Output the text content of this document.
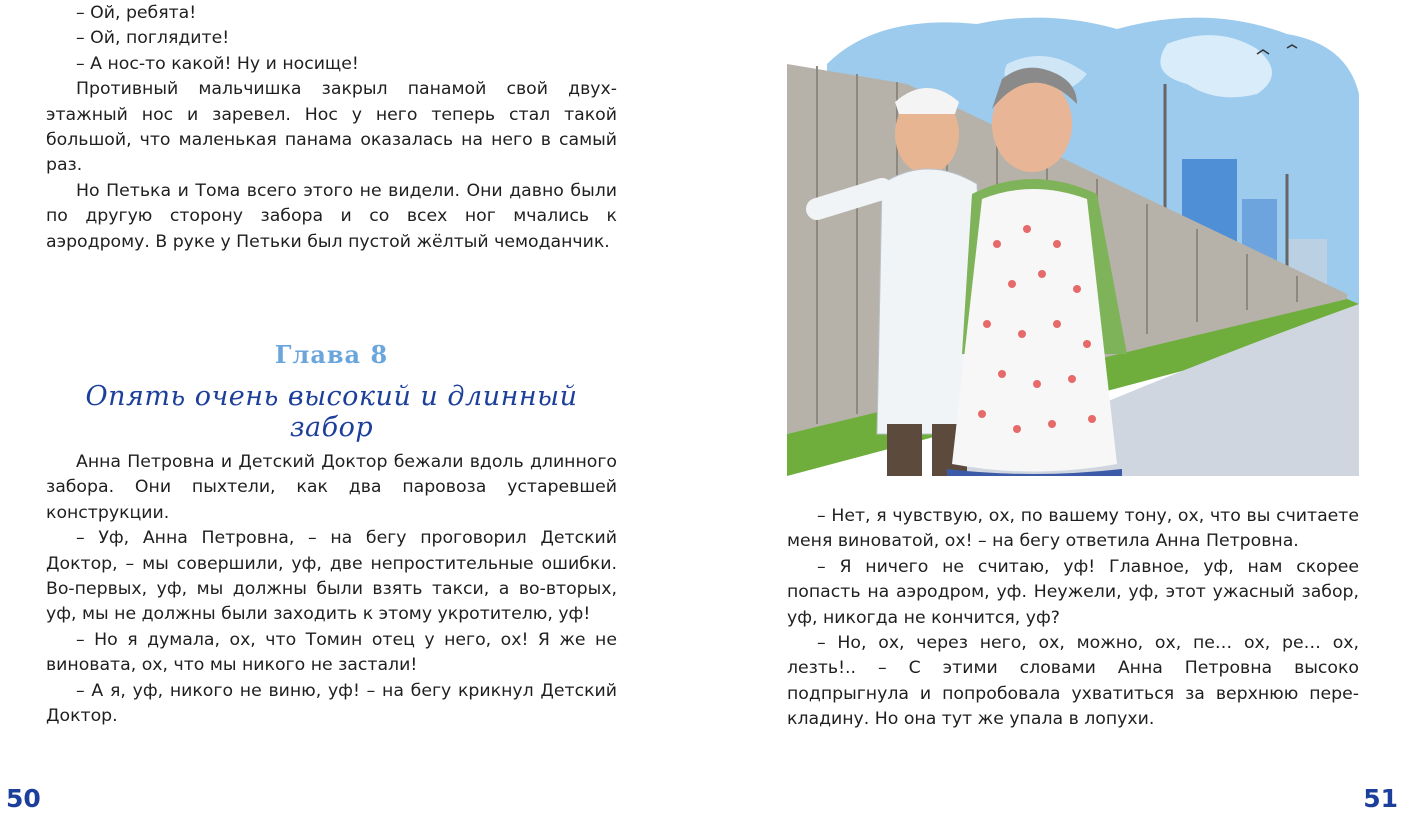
– Ой, ребята!

– Ой, поглядите!

– А нос-то какой! Ну и носище!

Противный мальчишка закрыл панамой свой двухэтажный нос и заревел. Нос у него теперь стал такой большой, что маленькая панама оказалась на него в самый раз.

Но Петька и Тома всего этого не видели. Они давно были по другую сторону забора и со всех ног мчались к аэродрому. В руке у Петьки был пустой жёлтый чемоданчик.

Глава 8
Опять очень высокий и длинный забор

Анна Петровна и Детский Доктор бежали вдоль длинного забора. Они пыхтели, как два паровоза устаревшей конструкции.

– Уф, Анна Петровна, – на бегу проговорил Детский Доктор, – мы совершили, уф, две непростительные ошибки. Во-первых, уф, мы должны были взять такси, а во-вторых, уф, мы не должны были заходить к этому укротителю, уф!

– Но я думала, ох, что Томин отец у него, ох! Я же не виновата, ох, что мы никого не застали!

– А я, уф, никого не виню, уф! – на бегу крикнул Детский Доктор.

50

– Нет, я чувствую, ох, по вашему тону, ох, что вы считаете меня виноватой, ох! – на бегу ответила Анна Петровна.

– Я ничего не считаю, уф! Главное, уф, нам скорее попасть на аэродром, уф. Неужели, уф, этот ужасный забор, уф, никогда не кончится, уф?

– Но, ох, через него, ох, можно, ох, пе… ох, ре… ох, лезть!.. – С этими словами Анна Петровна высоко подпрыгнула и попробовала ухватиться за верхнюю перекладину. Но она тут же упала в лопухи.

51
